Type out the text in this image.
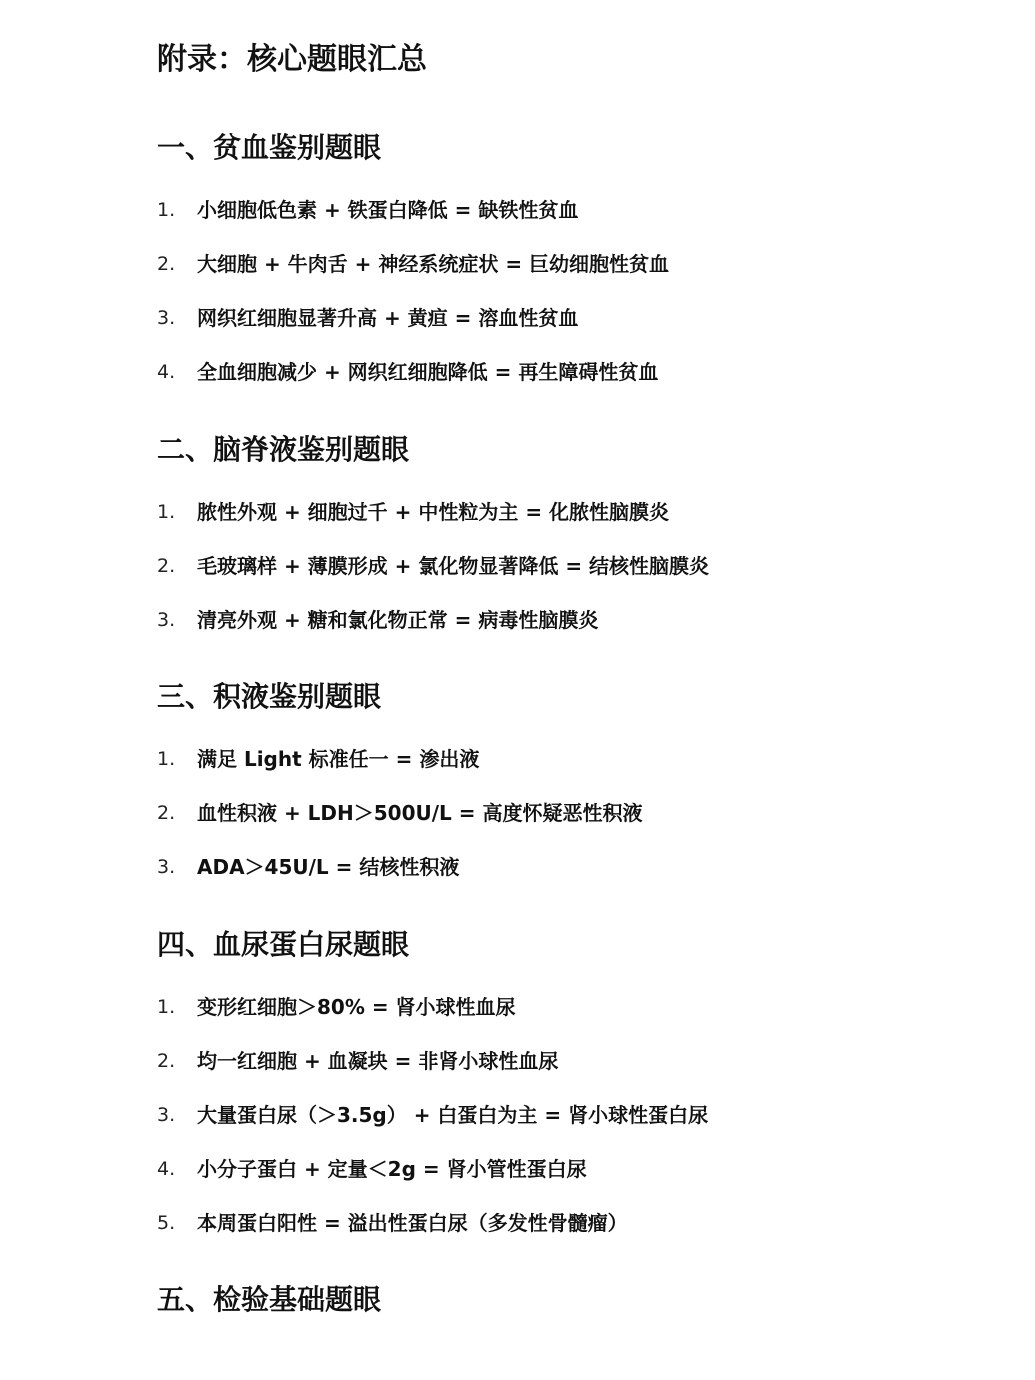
附录：核心题眼汇总
一、贫血鉴别题眼
1. 小细胞低色素 + 铁蛋白降低 = 缺铁性贫血
2. 大细胞 + 牛肉舌 + 神经系统症状 = 巨幼细胞性贫血
3. 网织红细胞显著升高 + 黄疸 = 溶血性贫血
4. 全血细胞减少 + 网织红细胞降低 = 再生障碍性贫血
二、脑脊液鉴别题眼
1. 脓性外观 + 细胞过千 + 中性粒为主 = 化脓性脑膜炎
2. 毛玻璃样 + 薄膜形成 + 氯化物显著降低 = 结核性脑膜炎
3. 清亮外观 + 糖和氯化物正常 = 病毒性脑膜炎
三、积液鉴别题眼
1. 满足 Light 标准任一 = 渗出液
2. 血性积液 + LDH＞500U/L = 高度怀疑恶性积液
3. ADA＞45U/L = 结核性积液
四、血尿蛋白尿题眼
1. 变形红细胞＞80% = 肾小球性血尿
2. 均一红细胞 + 血凝块 = 非肾小球性血尿
3. 大量蛋白尿（＞3.5g） + 白蛋白为主 = 肾小球性蛋白尿
4. 小分子蛋白 + 定量＜2g = 肾小管性蛋白尿
5. 本周蛋白阳性 = 溢出性蛋白尿（多发性骨髓瘤）
五、检验基础题眼
